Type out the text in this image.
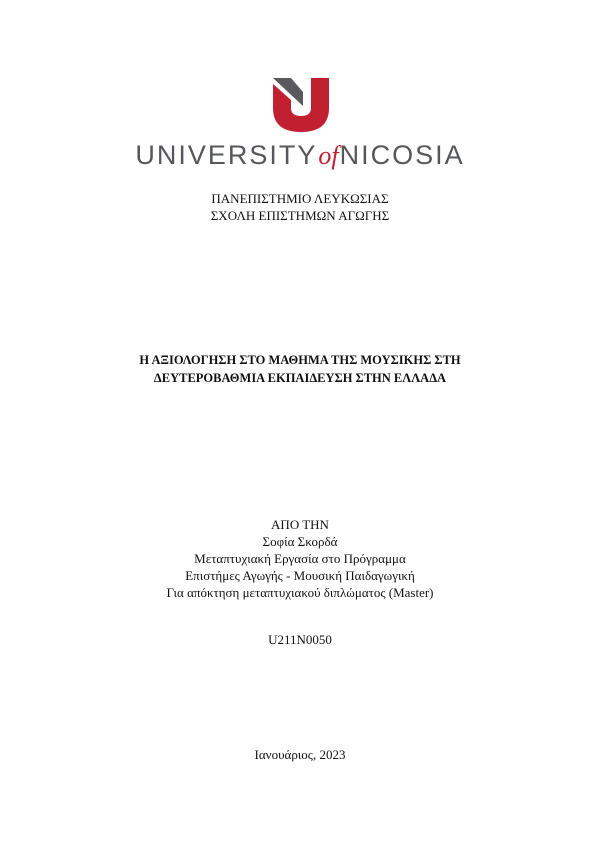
UNIVERSITYofNICOSIA
ΠΑΝΕΠΙΣΤΗΜΙΟ ΛΕΥΚΩΣΙΑΣ
ΣΧΟΛΗ ΕΠΙΣΤΗΜΩΝ ΑΓΩΓΗΣ
Η ΑΞΙΟΛΟΓΗΣΗ ΣΤΟ ΜΑΘΗΜΑ ΤΗΣ ΜΟΥΣΙΚΗΣ ΣΤΗ
ΔΕΥΤΕΡΟΒΑΘΜΙΑ ΕΚΠΑΙΔΕΥΣΗ ΣΤΗΝ ΕΛΛΑΔΑ
ΑΠΟ ΤΗΝ
Σοφία Σκορδά
Μεταπτυχιακή Εργασία στο Πρόγραμμα
Επιστήμες Αγωγής - Μουσική Παιδαγωγική
Για απόκτηση μεταπτυχιακού διπλώματος (Master)
U211N0050
Ιανουάριος, 2023
